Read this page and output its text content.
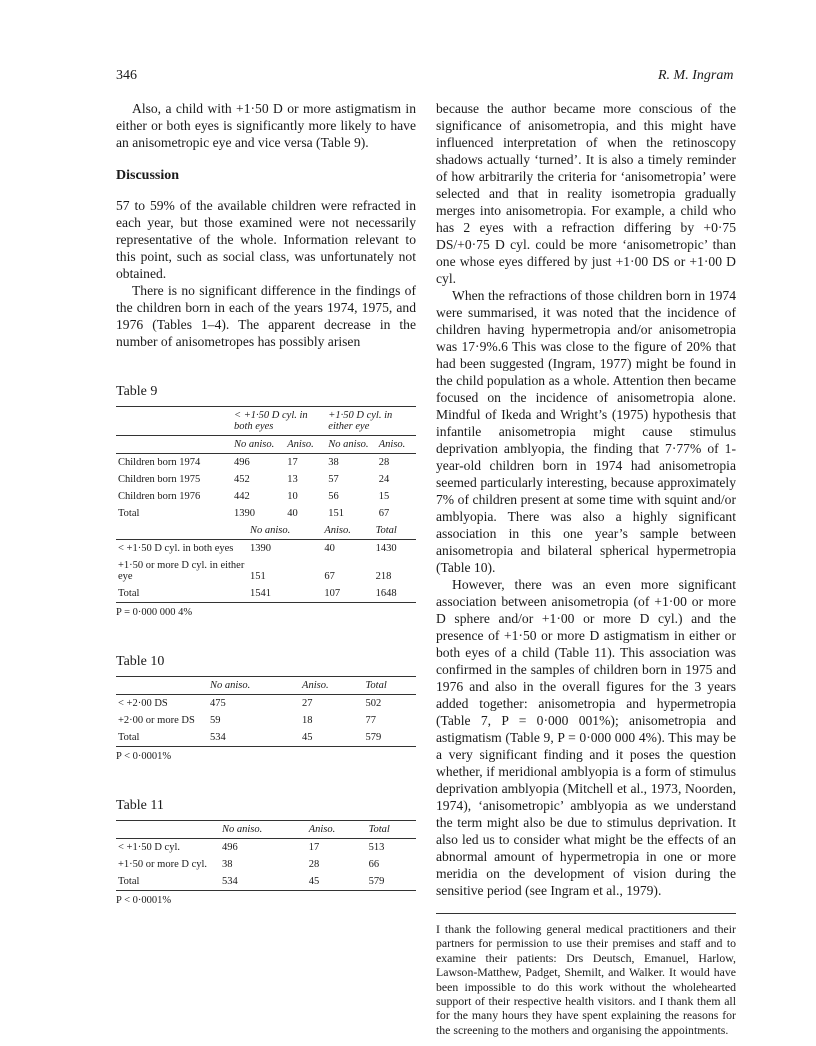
346	R. M. Ingram

Also, a child with +1·50 D or more astigmatism in either or both eyes is significantly more likely to have an anisometropic eye and vice versa (Table 9).

Discussion

57 to 59% of the available children were refracted in each year, but those examined were not necessarily representative of the whole. Information relevant to this point, such as social class, was unfortunately not obtained.

There is no significant difference in the findings of the children born in each of the years 1974, 1975, and 1976 (Tables 1–4). The apparent decrease in the number of anisometropes has possibly arisen

Table 9
	< +1·50 D cyl. in both eyes		+1·50 D cyl. in either eye	
	No aniso.	Aniso.	No aniso.	Aniso.
Children born 1974	496	17	38	28
Children born 1975	452	13	57	24
Children born 1976	442	10	56	15
Total	1390	40	151	67
	No aniso.	Aniso.	Total
< +1·50 D cyl. in both eyes	1390	40	1430
+1·50 or more D cyl. in either eye	151	67	218
Total	1541	107	1648
P = 0·000 000 4%
Table 10
	No aniso.	Aniso.	Total
< +2·00 DS	475	27	502
+2·00 or more DS	59	18	77
Total	534	45	579
P < 0·0001%
Table 11
	No aniso.	Aniso.	Total
< +1·50 D cyl.	496	17	513
+1·50 or more D cyl.	38	28	66
Total	534	45	579
P < 0·0001%

because the author became more conscious of the significance of anisometropia, and this might have influenced interpretation of when the retinoscopy shadows actually ‘turned’. It is also a timely reminder of how arbitrarily the criteria for ‘anisometropia’ were selected and that in reality isometropia gradually merges into anisometropia. For example, a child who has 2 eyes with a refraction differing by +0·75 DS/+0·75 D cyl. could be more ‘anisometropic’ than one whose eyes differed by just +1·00 DS or +1·00 D cyl.

When the refractions of those children born in 1974 were summarised, it was noted that the incidence of children having hypermetropia and/or anisometropia was 17·9%.6 This was close to the figure of 20% that had been suggested (Ingram, 1977) might be found in the child population as a whole. Attention then became focused on the incidence of anisometropia alone. Mindful of Ikeda and Wright’s (1975) hypothesis that infantile anisometropia might cause stimulus deprivation amblyopia, the finding that 7·77% of 1-year-old children born in 1974 had anisometropia seemed particularly interesting, because approximately 7% of children present at some time with squint and/or amblyopia. There was also a highly significant association in this one year’s sample between anisometropia and bilateral spherical hypermetropia (Table 10).

However, there was an even more significant association between anisometropia (of +1·00 or more D sphere and/or +1·00 or more D cyl.) and the presence of +1·50 or more D astigmatism in either or both eyes of a child (Table 11). This association was confirmed in the samples of children born in 1975 and 1976 and also in the overall figures for the 3 years added together: anisometropia and hypermetropia (Table 7, P = 0·000 001%); anisometropia and astigmatism (Table 9, P = 0·000 000 4%). This may be a very significant finding and it poses the question whether, if meridional amblyopia is a form of stimulus deprivation amblyopia (Mitchell et al., 1973, Noorden, 1974), ‘anisometropic’ amblyopia as we understand the term might also be due to stimulus deprivation. It also led us to consider what might be the effects of an abnormal amount of hypermetropia in one or more meridia on the development of vision during the sensitive period (see Ingram et al., 1979).

I thank the following general medical practitioners and their partners for permission to use their premises and staff and to examine their patients: Drs Deutsch, Emanuel, Harlow, Lawson-Matthew, Padget, Shemilt, and Walker. It would have been impossible to do this work without the wholehearted support of their respective health visitors. and I thank them all for the many hours they have spent explaining the reasons for the screening to the mothers and organising the appointments.
